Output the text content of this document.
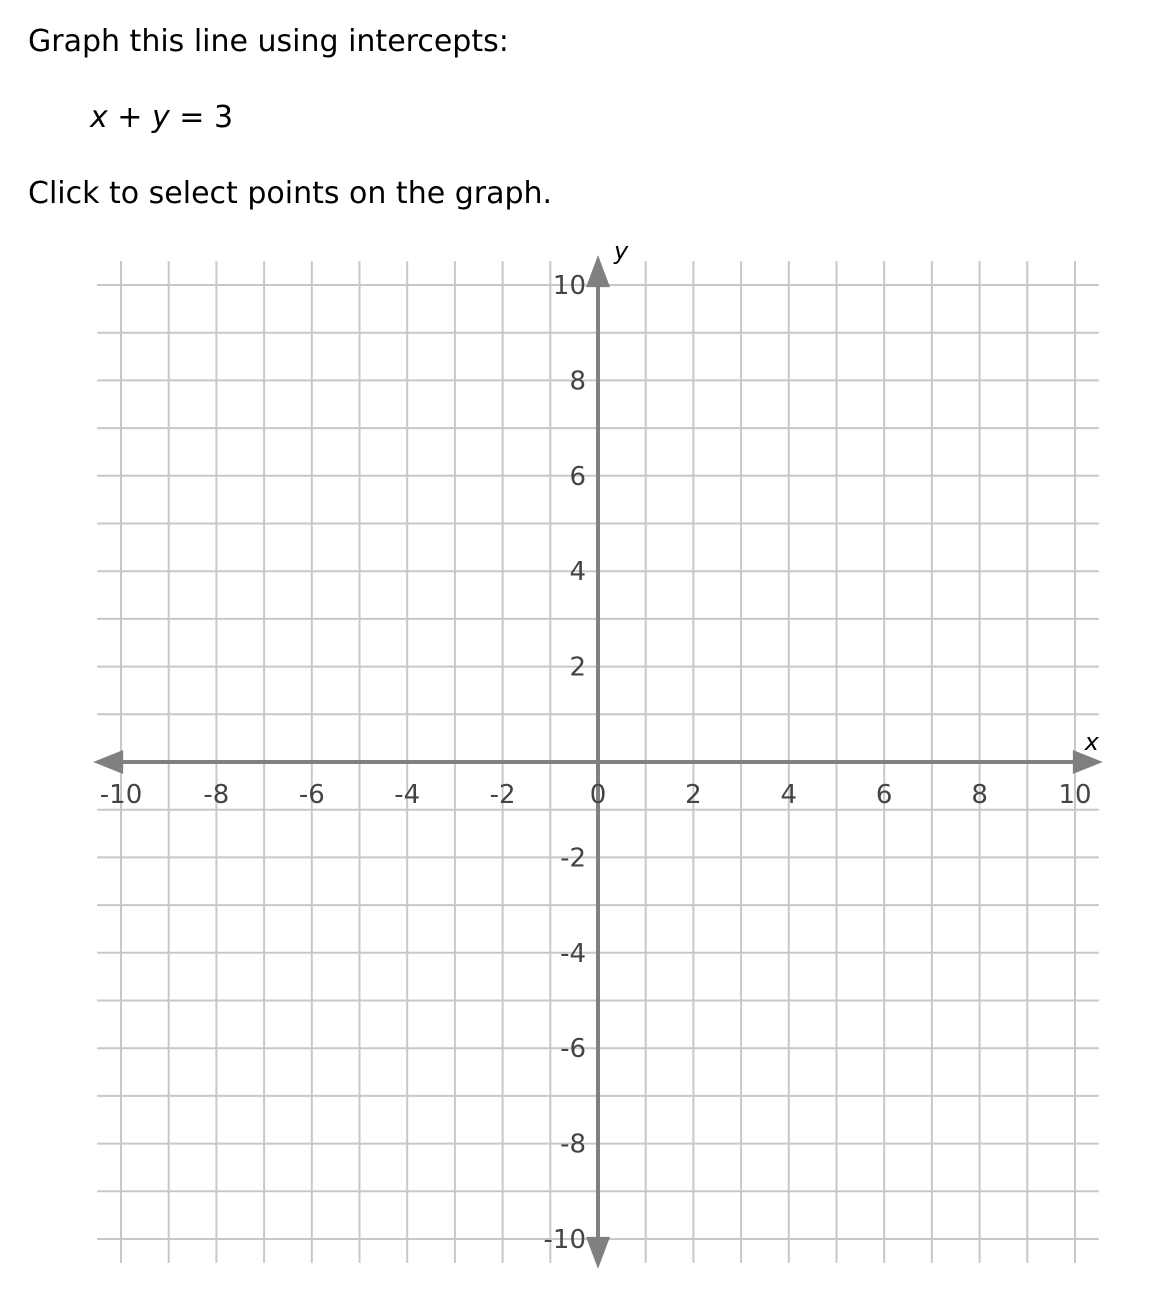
Graph this line using intercepts:
x + y = 3
Click to select points on the graph.
x
y
-10 -8	-6	-4	-2	0	2	4	6	8	10
10
8
6
4
2
-2
-4
-6
-8
-10
